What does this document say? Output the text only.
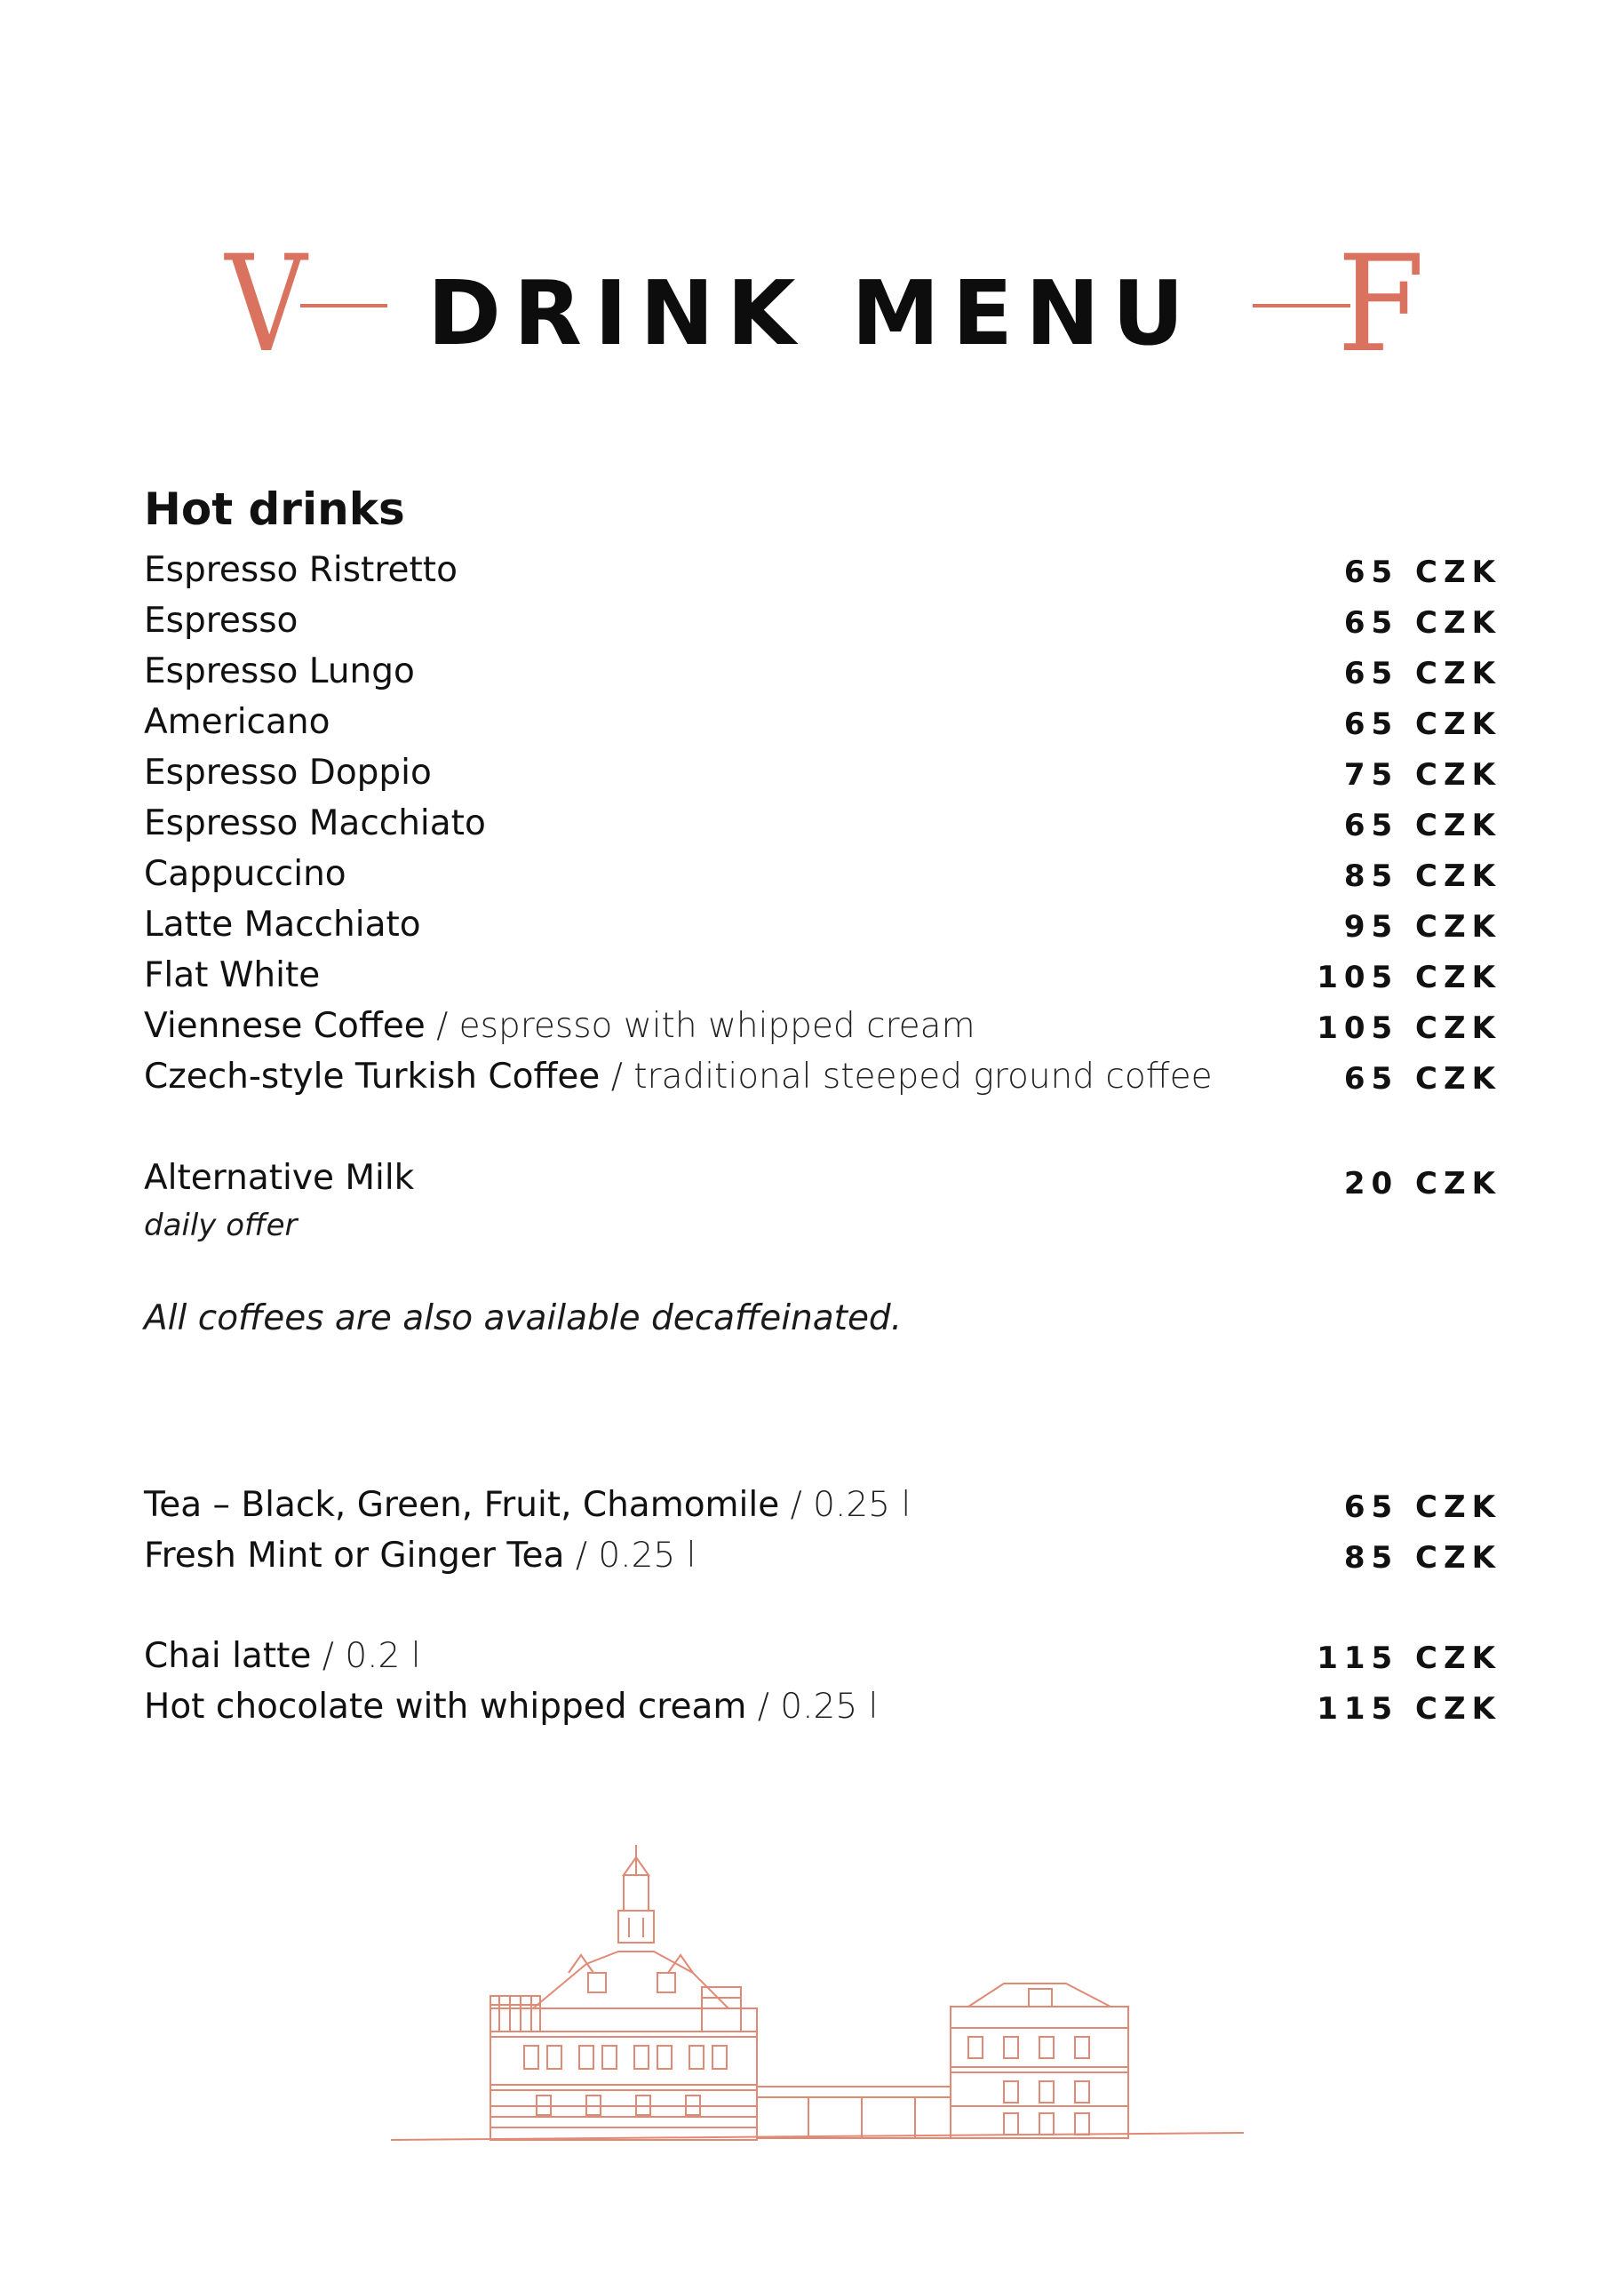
V	DRINK MENU	F
Hot drinks
Espresso Ristretto	65 CZK
Espresso	65 CZK
Espresso Lungo	65 CZK
Americano	65 CZK
Espresso Doppio	75 CZK
Espresso Macchiato	65 CZK
Cappuccino	85 CZK
Latte Macchiato	95 CZK
Flat White	105 CZK
Viennese Coffee / espresso with whipped cream	105 CZK
Czech-style Turkish Coffee / traditional steeped ground coffee	65 CZK
Alternative Milk	20 CZK
daily offer
All coffees are also available decaffeinated.
Tea – Black, Green, Fruit, Chamomile / 0.25 l	65 CZK
Fresh Mint or Ginger Tea / 0.25 l	85 CZK
Chai latte / 0.2 l	115 CZK
Hot chocolate with whipped cream / 0.25 l	115 CZK
